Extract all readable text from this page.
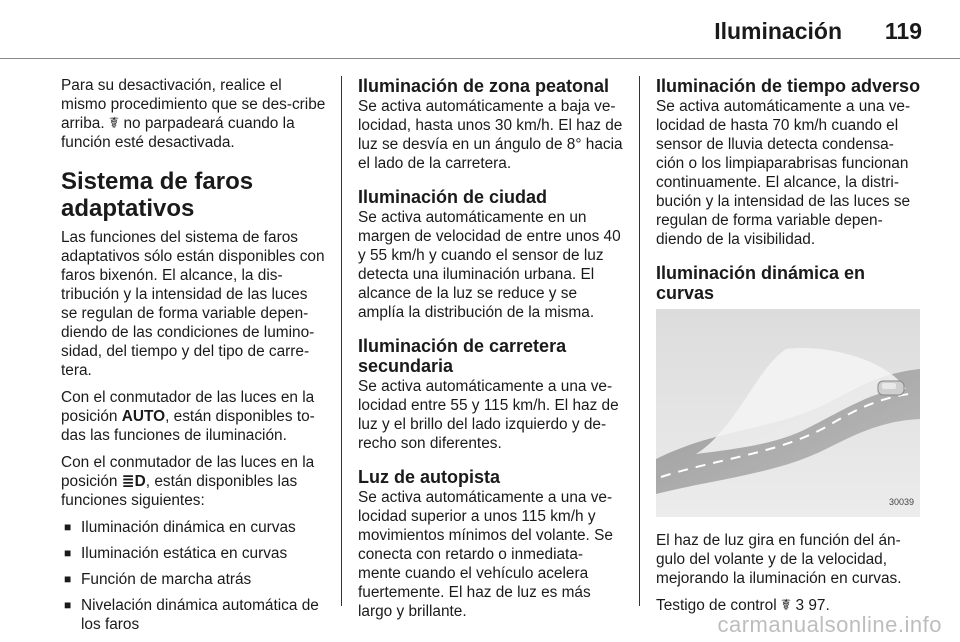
Iluminación 119

Para su desactivación, realice el mismo procedimiento que se des-cribe arriba. ☤ no parpadeará cuando la función esté desactivada.

Sistema de faros adaptativos

Las funciones del sistema de faros adaptativos sólo están disponibles con faros bixenón. El alcance, la dis-tribución y la intensidad de las luces se regulan de forma variable depen-diendo de las condiciones de lumino-sidad, del tiempo y del tipo de carre-tera.

Con el conmutador de las luces en la posición AUTO, están disponibles to-das las funciones de iluminación.

Con el conmutador de las luces en la posición ≣D, están disponibles las funciones siguientes:

■ Iluminación dinámica en curvas
■ Iluminación estática en curvas
■ Función de marcha atrás
■ Nivelación dinámica automática de los faros
Iluminación de zona peatonal
Se activa automáticamente a baja ve-locidad, hasta unos 30 km/h. El haz de luz se desvía en un ángulo de 8° hacia el lado de la carretera.
Iluminación de ciudad
Se activa automáticamente en un margen de velocidad de entre unos 40 y 55 km/h y cuando el sensor de luz detecta una iluminación urbana. El alcance de la luz se reduce y se amplía la distribución de la misma.
Iluminación de carretera secundaria
Se activa automáticamente a una ve-locidad entre 55 y 115 km/h. El haz de luz y el brillo del lado izquierdo y de-recho son diferentes.
Luz de autopista
Se activa automáticamente a una ve-locidad superior a unos 115 km/h y movimientos mínimos del volante. Se conecta con retardo o inmediata-mente cuando el vehículo acelera fuertemente. El haz de luz es más largo y brillante.
Iluminación de tiempo adverso
Se activa automáticamente a una ve-locidad de hasta 70 km/h cuando el sensor de lluvia detecta condensa-ción o los limpiaparabrisas funcionan continuamente. El alcance, la distri-bución y la intensidad de las luces se regulan de forma variable depen-diendo de la visibilidad.
Iluminación dinámica en curvas
30039

El haz de luz gira en función del án-gulo del volante y de la velocidad, mejorando la iluminación en curvas.

Testigo de control ☤ 3 97.

carmanualsonline.info
